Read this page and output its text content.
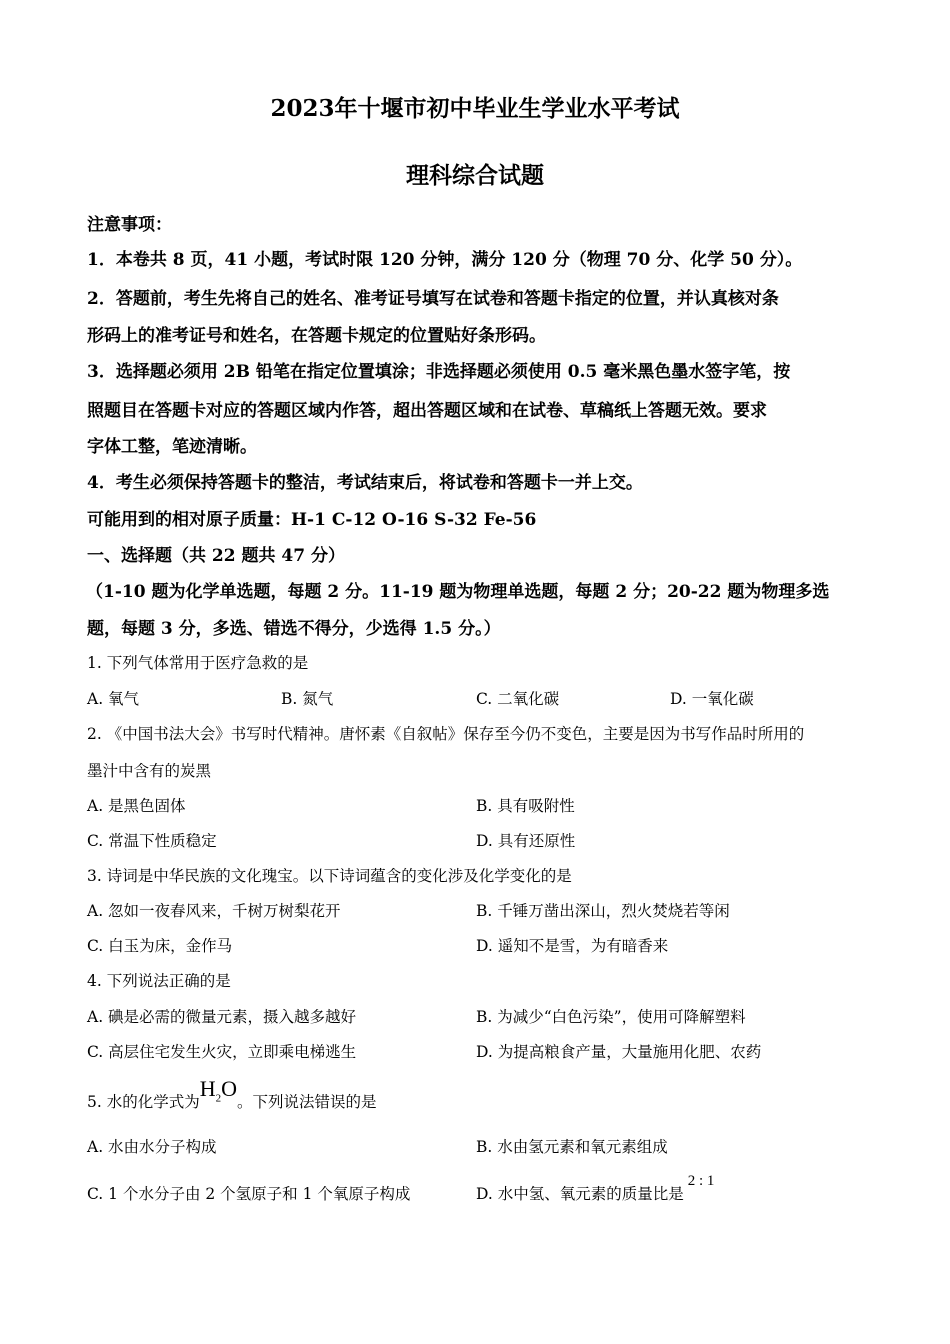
2023年十堰市初中毕业生学业水平考试
理科综合试题
注意事项：
1．本卷共 8 页，41 小题，考试时限 120 分钟，满分 120 分（物理 70 分、化学 50 分）。
2．答题前，考生先将自己的姓名、准考证号填写在试卷和答题卡指定的位置，并认真核对条
形码上的准考证号和姓名，在答题卡规定的位置贴好条形码。
3．选择题必须用 2B 铅笔在指定位置填涂；非选择题必须使用 0.5 毫米黑色墨水签字笔，按
照题目在答题卡对应的答题区域内作答，超出答题区域和在试卷、草稿纸上答题无效。要求
字体工整，笔迹清晰。
4．考生必须保持答题卡的整洁，考试结束后，将试卷和答题卡一并上交。
可能用到的相对原子质量：H-1 C-12 O-16 S-32 Fe-56
一、选择题（共 22 题共 47 分）
（1-10 题为化学单选题，每题 2 分。11-19 题为物理单选题，每题 2 分；20-22 题为物理多选
题，每题 3 分，多选、错选不得分，少选得 1.5 分。）
1. 下列气体常用于医疗急救的是
A. 氧气	B. 氮气	C. 二氧化碳	D. 一氧化碳
2. 《中国书法大会》书写时代精神。唐怀素《自叙帖》保存至今仍不变色，主要是因为书写作品时所用的
墨汁中含有的炭黑
A. 是黑色固体	B. 具有吸附性
C. 常温下性质稳定	D. 具有还原性
3. 诗词是中华民族的文化瑰宝。以下诗词蕴含的变化涉及化学变化的是
A. 忽如一夜春风来，千树万树梨花开	B. 千锤万凿出深山，烈火焚烧若等闲
C. 白玉为床，金作马	D. 遥知不是雪，为有暗香来
4. 下列说法正确的是
A. 碘是必需的微量元素，摄入越多越好	B. 为减少“白色污染”，使用可降解塑料
C. 高层住宅发生火灾，立即乘电梯逃生	D. 为提高粮食产量，大量施用化肥、农药
5. 水的化学式为$H_2O$。下列说法错误的是
A. 水由水分子构成	B. 水由氢元素和氧元素组成
C. 1 个水分子由 2 个氢原子和 1 个氧原子构成	D. 水中氢、氧元素的质量比是2 : 1
